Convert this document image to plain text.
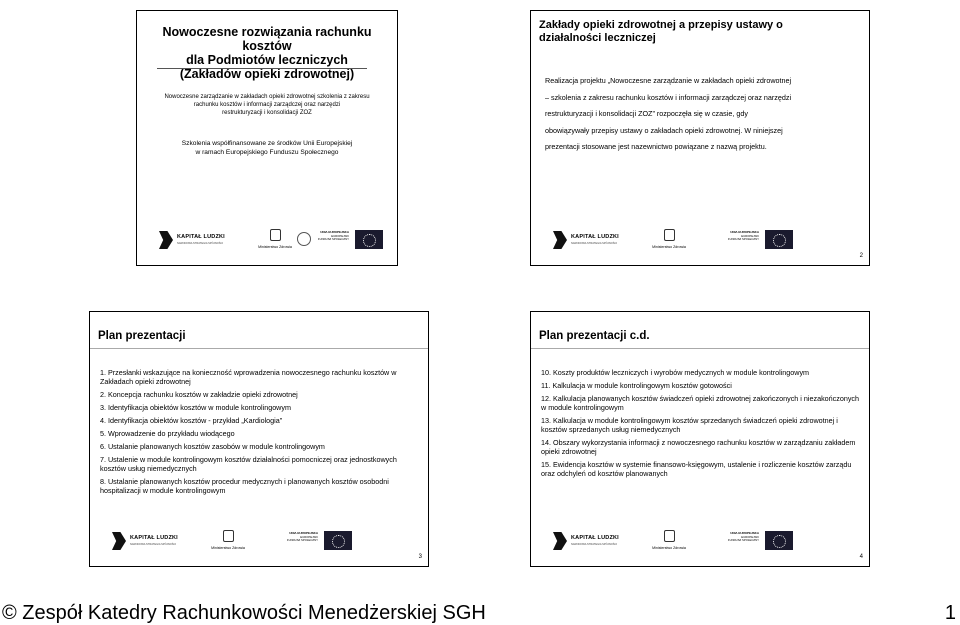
Nowoczesne rozwiązania rachunku kosztów
dla Podmiotów leczniczych
(Zakładów opieki zdrowotnej)
Nowoczesne zarządzanie w zakładach opieki zdrowotnej szkolenia z zakresu
rachunku kosztów i informacji zarządczej oraz narzędzi
restrukturyzacji i konsolidacji ZOZ
Szkolenia współfinansowane ze środków Unii Europejskiej
w ramach Europejskiego Funduszu Społecznego
KAPITAŁ LUDZKI
NARODOWA STRATEGIA SPÓJNOŚCI
Ministerstwo Zdrowia
UNIA EUROPEJSKA
EUROPEJSKI
FUNDUSZ SPOŁECZNY
Zakłady opieki zdrowotnej a przepisy ustawy o
działalności leczniczej
Realizacja projektu „Nowoczesne zarządzanie w zakładach opieki zdrowotnej
– szkolenia z zakresu rachunku kosztów i informacji zarządczej oraz narzędzi
restrukturyzacji i konsolidacji ZOZ” rozpoczęła się w czasie, gdy
obowiązywały przepisy ustawy o zakładach opieki zdrowotnej. W niniejszej
prezentacji stosowane jest nazewnictwo powiązane z nazwą projektu.
KAPITAŁ LUDZKI
NARODOWA STRATEGIA SPÓJNOŚCI
Ministerstwo Zdrowia
UNIA EUROPEJSKA
EUROPEJSKI
FUNDUSZ SPOŁECZNY
2
Plan prezentacji
1. Przesłanki wskazujące na konieczność wprowadzenia nowoczesnego rachunku kosztów w Zakładach opieki zdrowotnej
2. Koncepcja rachunku kosztów w zakładzie opieki zdrowotnej
3. Identyfikacja obiektów kosztów w module kontrolingowym
4. Identyfikacja obiektów kosztów - przykład „Kardiologia”
5. Wprowadzenie do przykładu wiodącego
6. Ustalanie planowanych kosztów zasobów w module kontrolingowym
7. Ustalenie w module kontrolingowym kosztów działalności pomocniczej oraz jednostkowych kosztów usług niemedycznych
8. Ustalanie planowanych kosztów procedur medycznych i planowanych kosztów osobodni hospitalizacji w module kontrolingowym
KAPITAŁ LUDZKI
NARODOWA STRATEGIA SPÓJNOŚCI
Ministerstwo Zdrowia
UNIA EUROPEJSKA
EUROPEJSKI
FUNDUSZ SPOŁECZNY
3
Plan prezentacji c.d.
10. Koszty produktów leczniczych i wyrobów medycznych w module kontrolingowym
11. Kalkulacja w module kontrolingowym kosztów gotowości
12. Kalkulacja planowanych kosztów świadczeń opieki zdrowotnej zakończonych i niezakończonych w module kontrolingowym
13. Kalkulacja w module kontrolingowym kosztów sprzedanych świadczeń opieki zdrowotnej i kosztów sprzedanych usług niemedycznych
14. Obszary wykorzystania informacji z nowoczesnego rachunku kosztów w zarządzaniu zakładem opieki zdrowotnej
15. Ewidencja kosztów w systemie finansowo-księgowym, ustalenie i rozliczenie kosztów zarządu oraz odchyleń od kosztów planowanych
KAPITAŁ LUDZKI
NARODOWA STRATEGIA SPÓJNOŚCI
Ministerstwo Zdrowia
UNIA EUROPEJSKA
EUROPEJSKI
FUNDUSZ SPOŁECZNY
4
© Zespół Katedry Rachunkowości Menedżerskiej SGH	1
